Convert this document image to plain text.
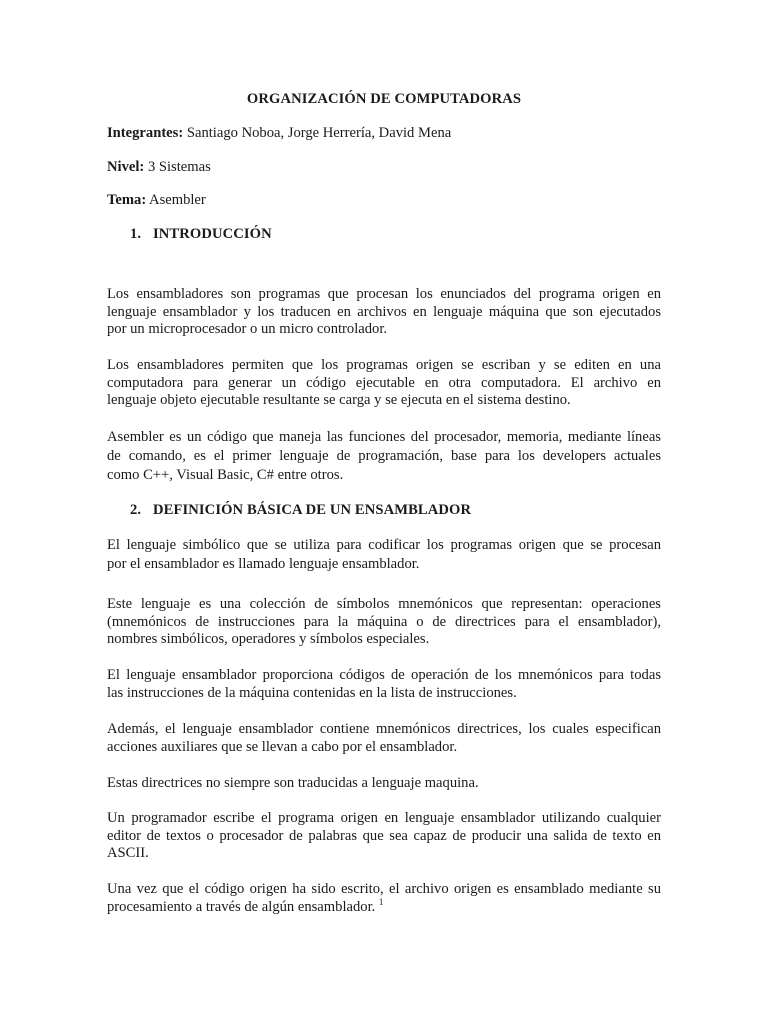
ORGANIZACIÓN DE COMPUTADORAS
Integrantes: Santiago Noboa, Jorge Herrería, David Mena
Nivel: 3 Sistemas
Tema: Asembler
1. INTRODUCCIÓN
Los ensambladores son programas que procesan los enunciados del programa origen en
lenguaje ensamblador y los traducen en archivos en lenguaje máquina que son ejecutados
por un microprocesador o un micro controlador.
Los ensambladores permiten que los programas origen se escriban y se editen en una
computadora para generar un código ejecutable en otra computadora. El archivo en
lenguaje objeto ejecutable resultante se carga y se ejecuta en el sistema destino.
Asembler es un código que maneja las funciones del procesador, memoria, mediante líneas
de comando, es el primer lenguaje de programación, base para los developers actuales
como C++, Visual Basic, C# entre otros.
2. DEFINICIÓN BÁSICA DE UN ENSAMBLADOR
El lenguaje simbólico que se utiliza para codificar los programas origen que se procesan
por el ensamblador es llamado lenguaje ensamblador.
Este lenguaje es una colección de símbolos mnemónicos que representan: operaciones
(mnemónicos de instrucciones para la máquina o de directrices para el ensamblador),
nombres simbólicos, operadores y símbolos especiales.
El lenguaje ensamblador proporciona códigos de operación de los mnemónicos para todas
las instrucciones de la máquina contenidas en la lista de instrucciones.
Además, el lenguaje ensamblador contiene mnemónicos directrices, los cuales especifican
acciones auxiliares que se llevan a cabo por el ensamblador.
Estas directrices no siempre son traducidas a lenguaje maquina.
Un programador escribe el programa origen en lenguaje ensamblador utilizando cualquier
editor de textos o procesador de palabras que sea capaz de producir una salida de texto en
ASCII.
Una vez que el código origen ha sido escrito, el archivo origen es ensamblado mediante su
procesamiento a través de algún ensamblador. $^1$
